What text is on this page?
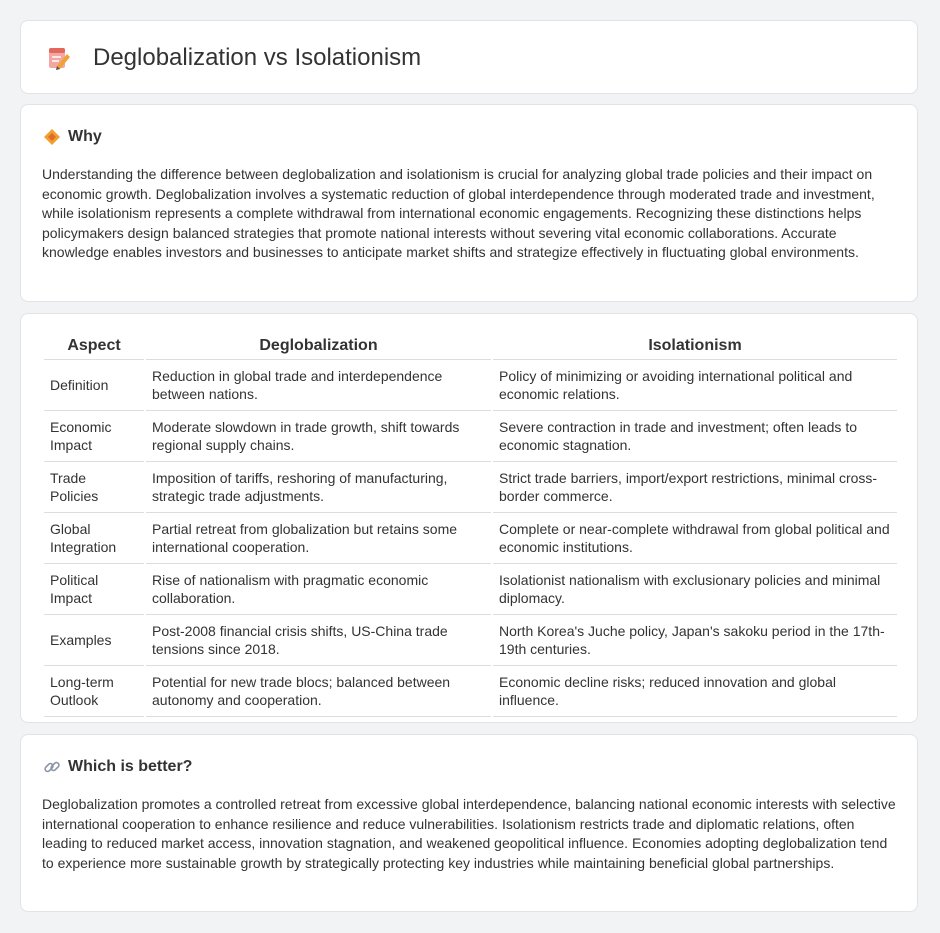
Deglobalization vs Isolationism
Why

Understanding the difference between deglobalization and isolationism is crucial for analyzing global trade policies and their impact on economic growth. Deglobalization involves a systematic reduction of global interdependence through moderated trade and investment, while isolationism represents a complete withdrawal from international economic engagements. Recognizing these distinctions helps policymakers design balanced strategies that promote national interests without severing vital economic collaborations. Accurate knowledge enables investors and businesses to anticipate market shifts and strategize effectively in fluctuating global environments.

Aspect	Deglobalization	Isolationism
Definition	Reduction in global trade and interdependence between nations.	Policy of minimizing or avoiding international political and economic relations.
Economic Impact	Moderate slowdown in trade growth, shift towards regional supply chains.	Severe contraction in trade and investment; often leads to economic stagnation.
Trade Policies	Imposition of tariffs, reshoring of manufacturing, strategic trade adjustments.	Strict trade barriers, import/export restrictions, minimal cross-border commerce.
Global Integration	Partial retreat from globalization but retains some international cooperation.	Complete or near-complete withdrawal from global political and economic institutions.
Political Impact	Rise of nationalism with pragmatic economic collaboration.	Isolationist nationalism with exclusionary policies and minimal diplomacy.
Examples	Post-2008 financial crisis shifts, US-China trade tensions since 2018.	North Korea's Juche policy, Japan's sakoku period in the 17th-19th centuries.
Long-term Outlook	Potential for new trade blocs; balanced between autonomy and cooperation.	Economic decline risks; reduced innovation and global influence.
Which is better?

Deglobalization promotes a controlled retreat from excessive global interdependence, balancing national economic interests with selective international cooperation to enhance resilience and reduce vulnerabilities. Isolationism restricts trade and diplomatic relations, often leading to reduced market access, innovation stagnation, and weakened geopolitical influence. Economies adopting deglobalization tend to experience more sustainable growth by strategically protecting key industries while maintaining beneficial global partnerships.
